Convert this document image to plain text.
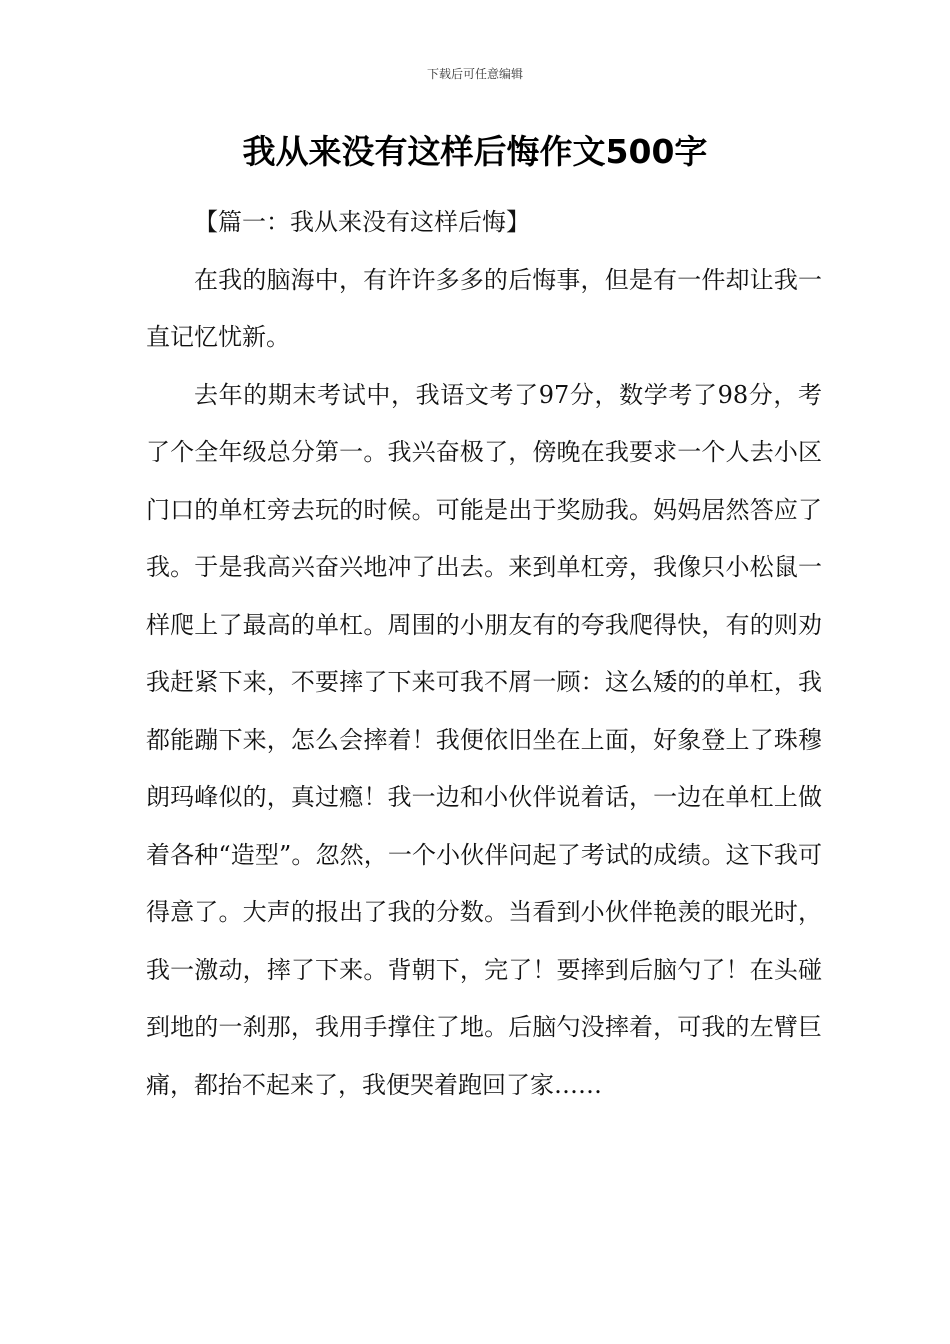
下载后可任意编辑
我从来没有这样后悔作文500字

【篇一：我从来没有这样后悔】

在我的脑海中，有许许多多的后悔事，但是有一件却让我一直记忆忧新。

去年的期末考试中，我语文考了97分，数学考了98分，考了个全年级总分第一。我兴奋极了，傍晚在我要求一个人去小区门口的单杠旁去玩的时候。可能是出于奖励我。妈妈居然答应了我。于是我高兴奋兴地冲了出去。来到单杠旁，我像只小松鼠一样爬上了最高的单杠。周围的小朋友有的夸我爬得快，有的则劝我赶紧下来，不要摔了下来可我不屑一顾：这么矮的的单杠，我都能蹦下来，怎么会摔着！我便依旧坐在上面，好象登上了珠穆朗玛峰似的，真过瘾！我一边和小伙伴说着话，一边在单杠上做着各种“造型”。忽然，一个小伙伴问起了考试的成绩。这下我可得意了。大声的报出了我的分数。当看到小伙伴艳羡的眼光时，我一激动，摔了下来。背朝下，完了！要摔到后脑勺了！在头碰到地的一刹那，我用手撑住了地。后脑勺没摔着，可我的左臂巨痛，都抬不起来了，我便哭着跑回了家……
